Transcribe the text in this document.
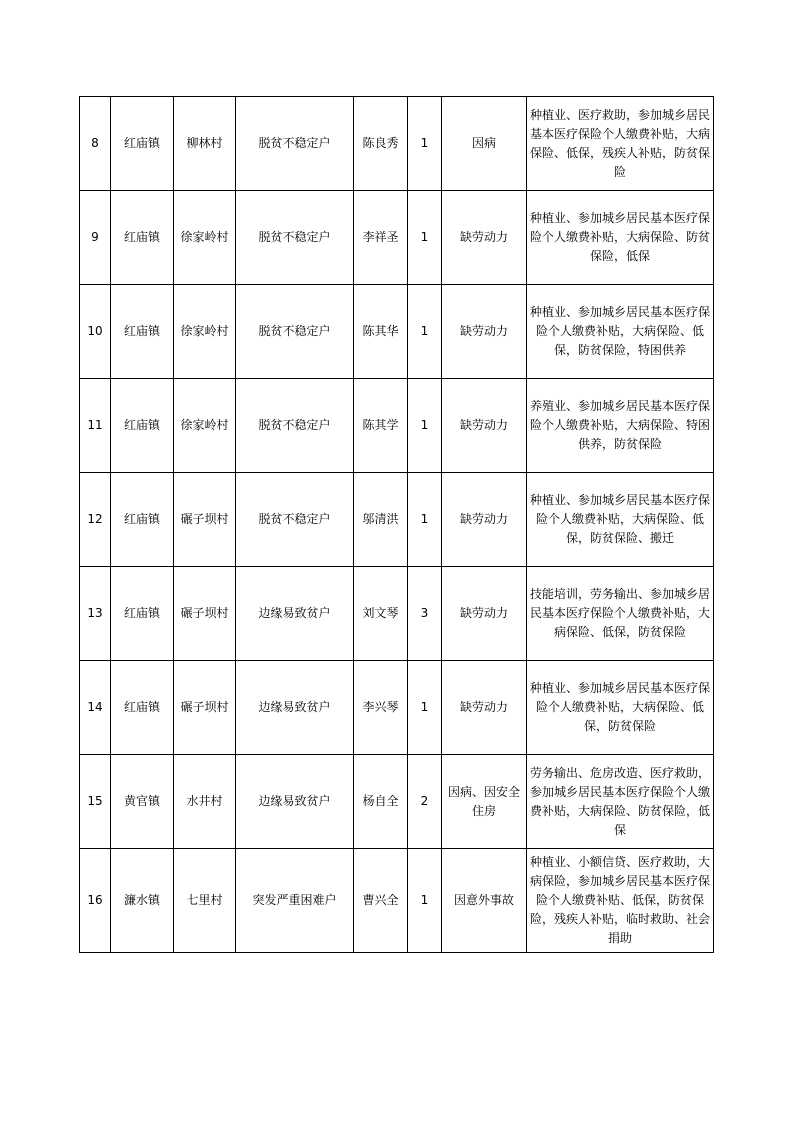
8	红庙镇	柳林村	脱贫不稳定户	陈良秀	1	因病	种植业、医疗救助，参加城乡居民基本医疗保险个人缴费补贴，大病保险、低保，残疾人补贴，防贫保险
9	红庙镇	徐家岭村	脱贫不稳定户	李祥圣	1	缺劳动力	种植业、参加城乡居民基本医疗保险个人缴费补贴，大病保险、防贫保险，低保
10	红庙镇	徐家岭村	脱贫不稳定户	陈其华	1	缺劳动力	种植业、参加城乡居民基本医疗保险个人缴费补贴，大病保险、低保，防贫保险，特困供养
11	红庙镇	徐家岭村	脱贫不稳定户	陈其学	1	缺劳动力	养殖业、参加城乡居民基本医疗保险个人缴费补贴，大病保险、特困供养，防贫保险
12	红庙镇	碾子坝村	脱贫不稳定户	邬清洪	1	缺劳动力	种植业、参加城乡居民基本医疗保险个人缴费补贴，大病保险、低保，防贫保险、搬迁
13	红庙镇	碾子坝村	边缘易致贫户	刘文琴	3	缺劳动力	技能培训，劳务输出、参加城乡居民基本医疗保险个人缴费补贴，大病保险、低保，防贫保险
14	红庙镇	碾子坝村	边缘易致贫户	李兴琴	1	缺劳动力	种植业、参加城乡居民基本医疗保险个人缴费补贴，大病保险、低保，防贫保险
15	黄官镇	水井村	边缘易致贫户	杨自全	2	因病、因安全住房	劳务输出、危房改造、医疗救助，参加城乡居民基本医疗保险个人缴费补贴，大病保险、防贫保险，低保
16	濂水镇	七里村	突发严重困难户	曹兴全	1	因意外事故	种植业、小额信贷、医疗救助，大病保险，参加城乡居民基本医疗保险个人缴费补贴、低保，防贫保险，残疾人补贴，临时救助、社会捐助
